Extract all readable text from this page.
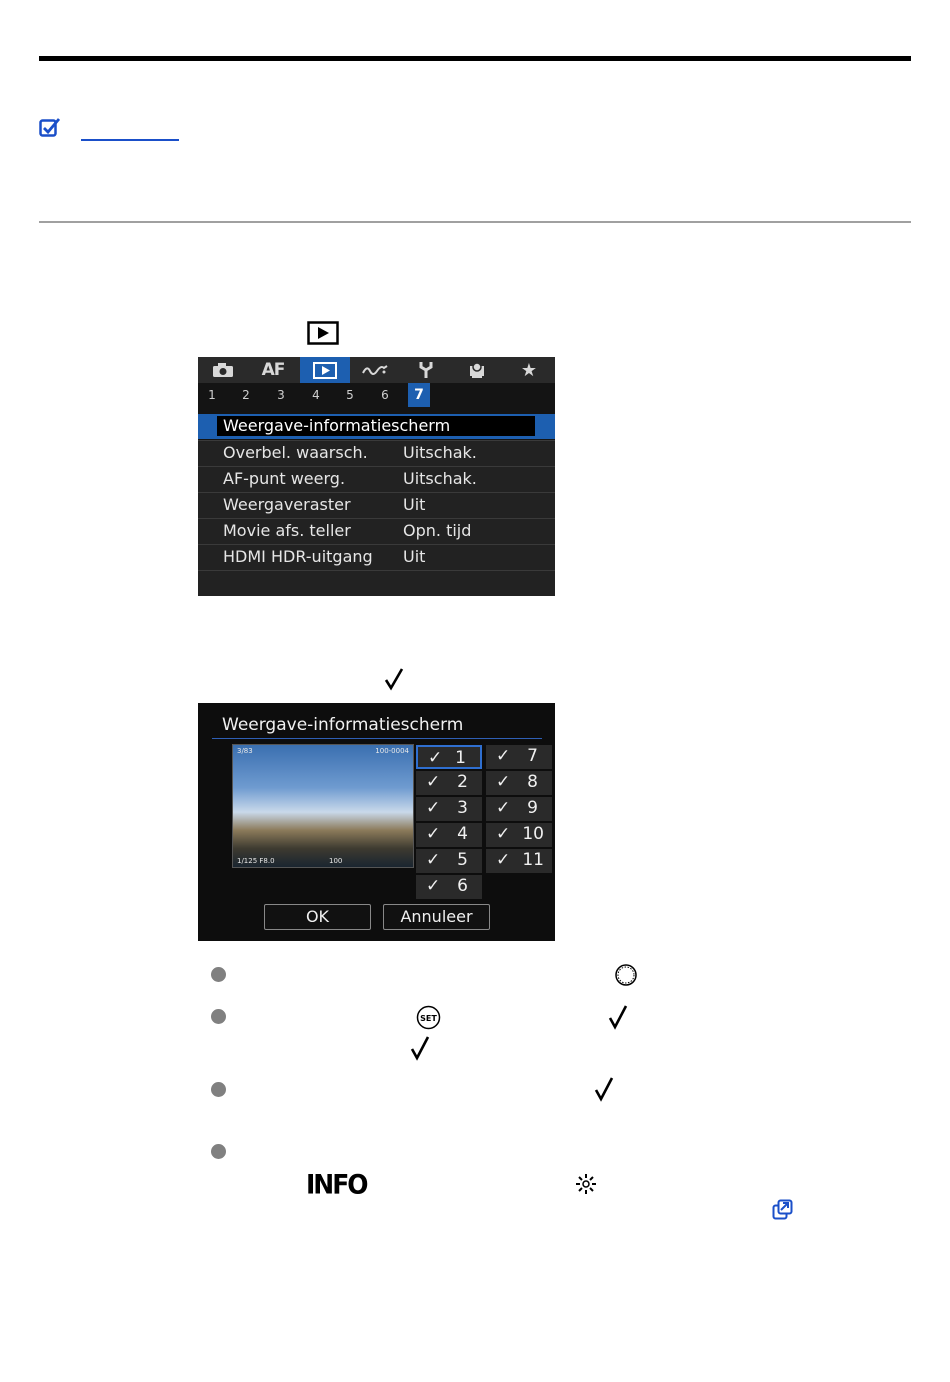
AF	★
1	2	3	4	5	6	7
Weergave-informatiescherm
Overbel. waarsch. Uitschak.
AF-punt weerg.	Uitschak.
Weergaveraster	Uit
Movie afs. teller	Opn. tijd
HDMI HDR-uitgang Uit
Weergave-informatiescherm
3/83	100-0004
1/125 F8.0	100
✓ 1
✓ 2
✓ 3
✓ 4
✓ 5
✓ 6
✓ 7
✓ 8
✓ 9
✓ 10
✓ 11
OK	Annuleer
SET
INFO
